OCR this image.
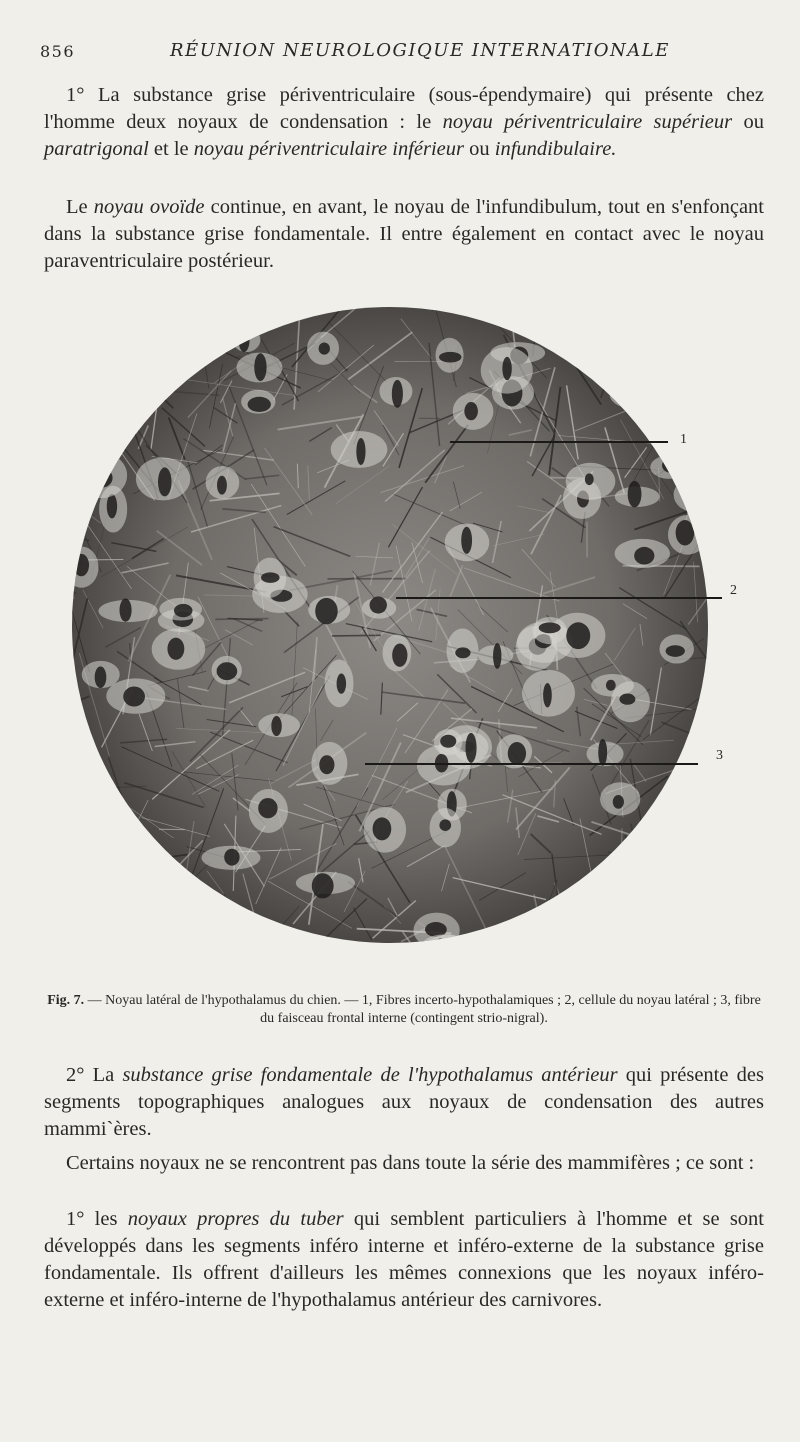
856	RÉUNION NEUROLOGIQUE INTERNATIONALE

1° La substance grise périventriculaire (sous-épendymaire) qui présente chez l'homme deux noyaux de condensation : le noyau périventriculaire supérieur ou paratrigonal et le noyau périventriculaire inférieur ou infundibulaire.

Le noyau ovoïde continue, en avant, le noyau de l'infundibulum, tout en s'enfonçant dans la substance grise fondamentale. Il entre également en contact avec le noyau paraventriculaire postérieur.

1
2
3

Fig. 7. — Noyau latéral de l'hypothalamus du chien. — 1, Fibres incerto-hypothalamiques ; 2, cellule du noyau latéral ; 3, fibre du faisceau frontal interne (contingent strio-nigral).

2° La substance grise fondamentale de l'hypothalamus antérieur qui présente des segments topographiques analogues aux noyaux de condensation des autres mammi`ères.

Certains noyaux ne se rencontrent pas dans toute la série des mammifères ; ce sont :

1° les noyaux propres du tuber qui semblent particuliers à l'homme et se sont développés dans les segments inféro interne et inféro-externe de la substance grise fondamentale. Ils offrent d'ailleurs les mêmes connexions que les noyaux inféro-externe et inféro-interne de l'hypothalamus antérieur des carnivores.
